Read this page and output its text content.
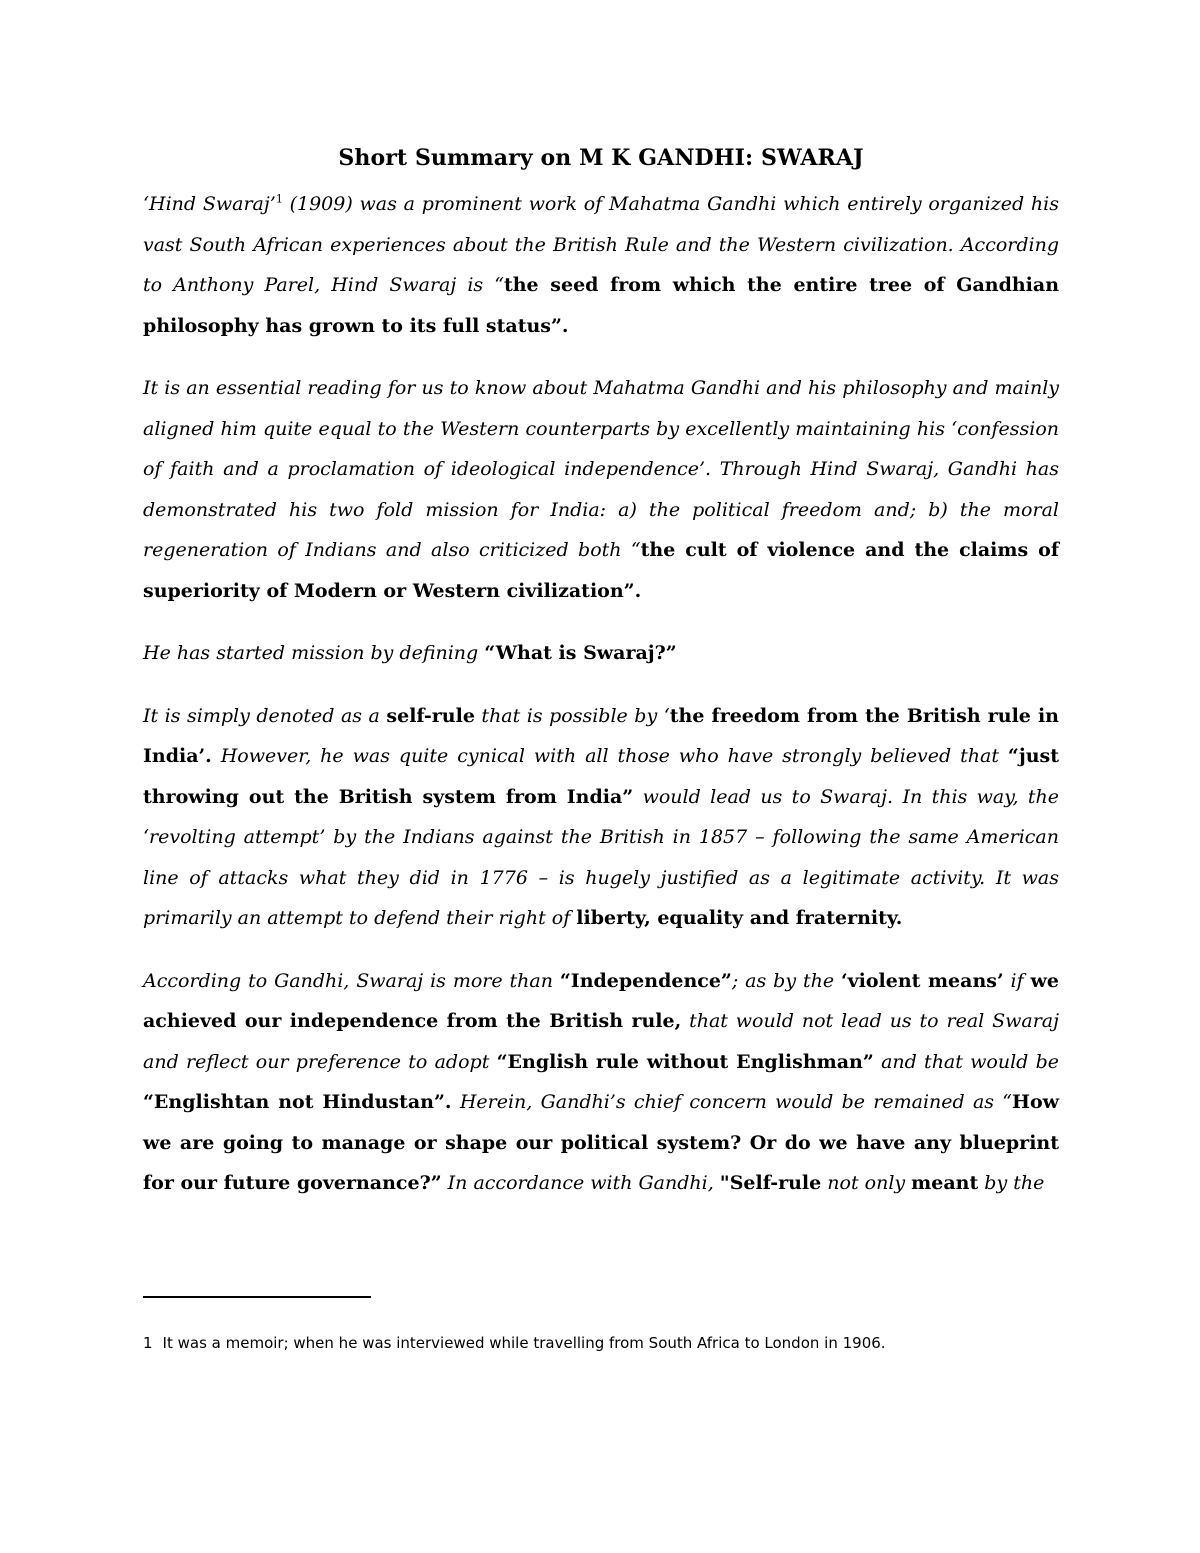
Short Summary on M K GANDHI: SWARAJ

‘Hind Swaraj’$^1$ (1909) was a prominent work of Mahatma Gandhi which entirely organized his vast South African experiences about the British Rule and the Western civilization. According to Anthony Parel, Hind Swaraj is “the seed from which the entire tree of Gandhian philosophy has grown to its full status”.

It is an essential reading for us to know about Mahatma Gandhi and his philosophy and mainly aligned him quite equal to the Western counterparts by excellently maintaining his ‘confession of faith and a proclamation of ideological independence’. Through Hind Swaraj, Gandhi has demonstrated his two fold mission for India: a) the political freedom and; b) the moral regeneration of Indians and also criticized both “the cult of violence and the claims of superiority of Modern or Western civilization”.

He has started mission by defining “What is Swaraj?”

It is simply denoted as a self-rule that is possible by ‘the freedom from the British rule in India’. However, he was quite cynical with all those who have strongly believed that “just throwing out the British system from India” would lead us to Swaraj. In this way, the ‘revolting attempt’ by the Indians against the British in 1857 – following the same American line of attacks what they did in 1776 – is hugely justified as a legitimate activity. It was primarily an attempt to defend their right of liberty, equality and fraternity.

According to Gandhi, Swaraj is more than “Independence”; as by the ‘violent means’ if we achieved our independence from the British rule, that would not lead us to real Swaraj and reflect our preference to adopt “English rule without Englishman” and that would be “Englishtan not Hindustan”. Herein, Gandhi’s chief concern would be remained as “How we are going to manage or shape our political system? Or do we have any blueprint for our future governance?” In accordance with Gandhi, "Self-rule not only meant by the

1 It was a memoir; when he was interviewed while travelling from South Africa to London in 1906.
